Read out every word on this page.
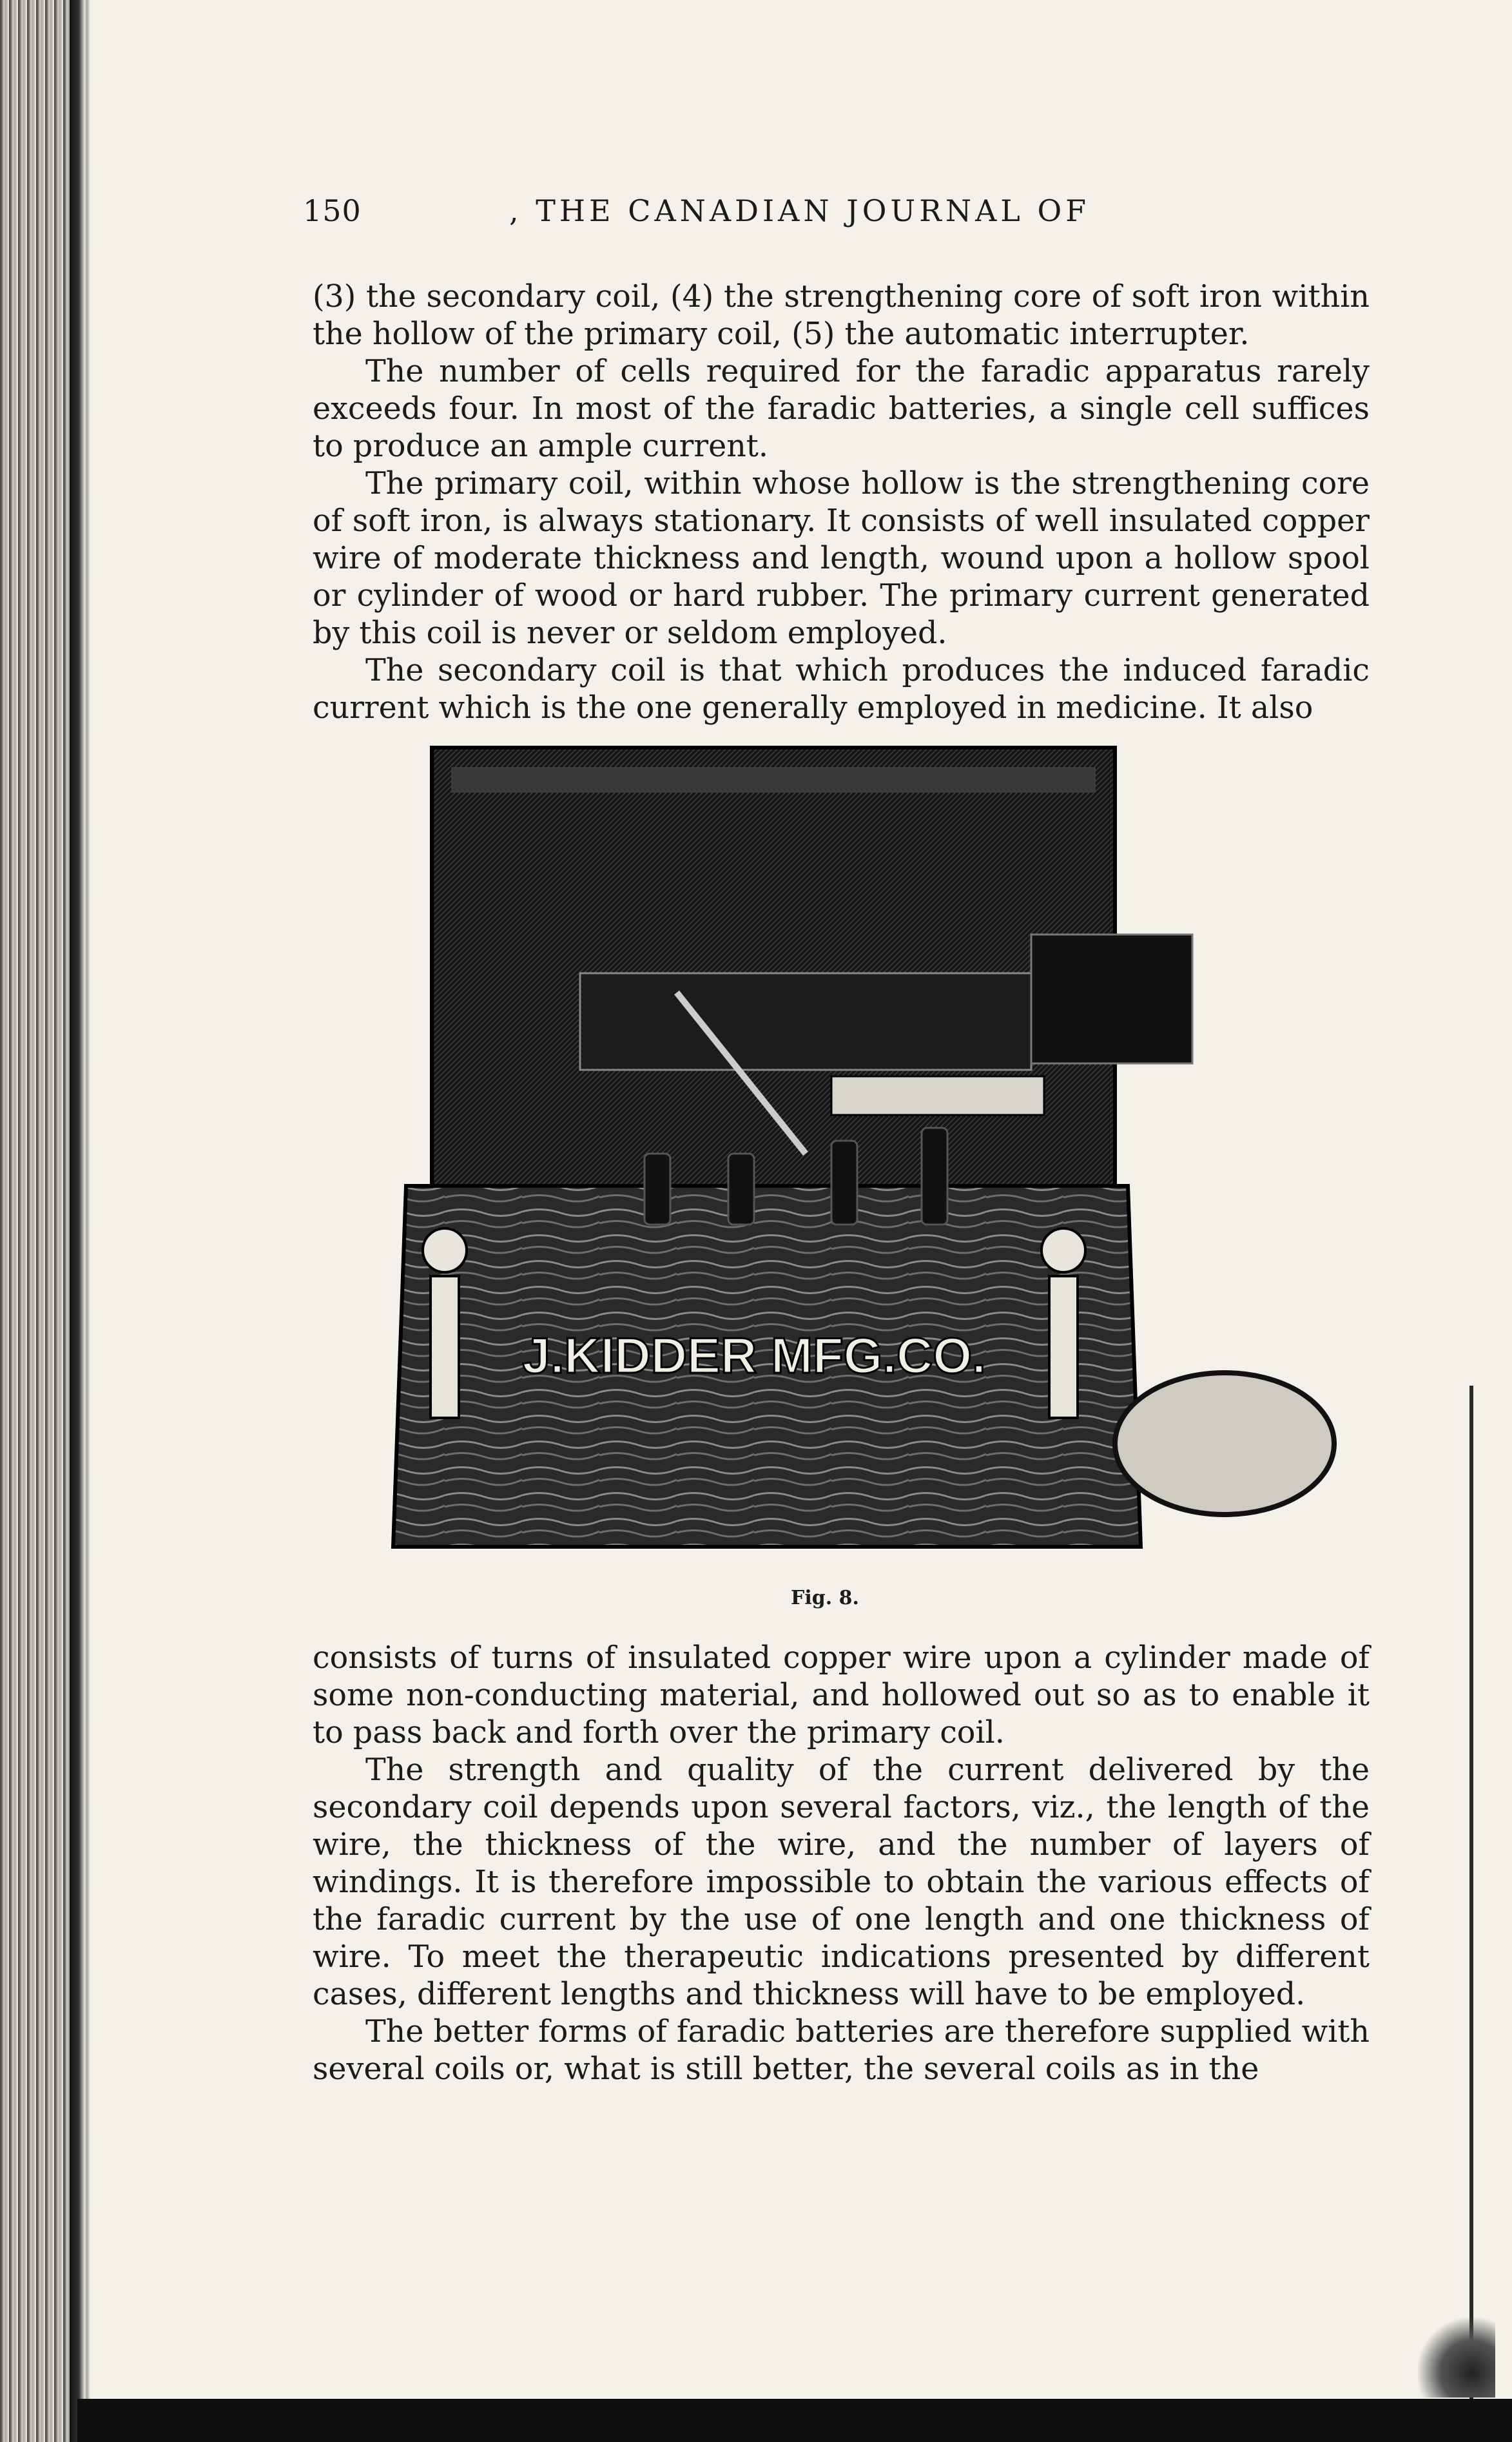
150	, THE CANADIAN JOURNAL OF

(3) the secondary coil, (4) the strengthening core of soft iron within the hollow of the primary coil, (5) the automatic interrupter.

The number of cells required for the faradic apparatus rarely exceeds four. In most of the faradic batteries, a single cell suffices to produce an ample current.

The primary coil, within whose hollow is the strengthening core of soft iron, is always stationary. It consists of well insulated copper wire of moderate thickness and length, wound upon a hollow spool or cylinder of wood or hard rubber. The primary current generated by this coil is never or seldom employed.

The secondary coil is that which produces the induced faradic current which is the one generally employed in medicine. It also

J.KIDDER MFG.CO.
Fig. 8.

consists of turns of insulated copper wire upon a cylinder made of some non-conducting material, and hollowed out so as to enable it to pass back and forth over the primary coil.

The strength and quality of the current delivered by the secondary coil depends upon several factors, viz., the length of the wire, the thickness of the wire, and the number of layers of windings. It is therefore impossible to obtain the various effects of the faradic current by the use of one length and one thickness of wire. To meet the therapeutic indications presented by different cases, different lengths and thickness will have to be employed.

The better forms of faradic batteries are therefore supplied with several coils or, what is still better, the several coils as in the
